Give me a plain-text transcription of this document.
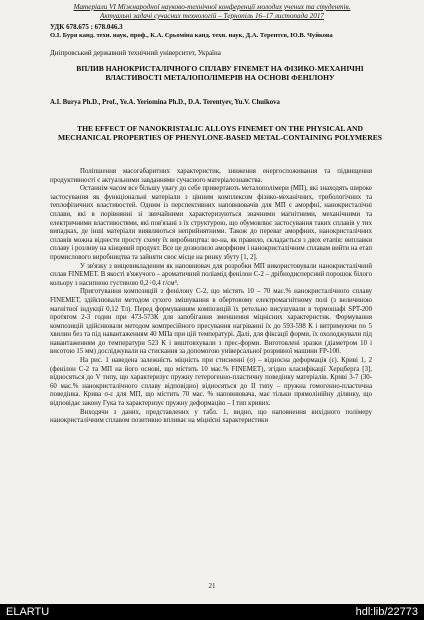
Матеріали VI Міжнародної науково-технічної конференції молодих учених та студентів.
Актуальні задачі сучасних технологій – Тернопіль 16–17 листопада 2017
УДК 678.675 : 678.046.3
О.І. Буря канд. техн. наук, проф., К.А. Єрьоміна канд. техн. наук, Д.А. Терентєв, Ю.В. Чуйкова
Дніпровський державний технічний університет, Україна
ВПЛИВ НАНОКРИСТАЛІЧНОГО СПЛАВУ FINEMET НА ФІЗИКО-МЕХАНІЧНІ ВЛАСТИВОСТІ МЕТАЛОПОЛІМЕРІВ НА ОСНОВІ ФЕНІЛОНУ
A.I. Burya Ph.D., Prof., Ye.A. Yeriomina Ph.D., D.A. Terentyev, Yu.V. Chuikova
THE EFFECT OF NANOKRISTALIC ALLOYS FINEMET ON THE PHYSICAL AND MECHANICAL PROPERTIES OF PHENYLONE-BASED METAL-CONTAINING POLYMERES

Поліпшення масогабаритних характеристик, зниження енергоспоживання та підвищення продуктивності є актуальними завданнями сучасного матеріалознавства.

Останнім часом все більшу увагу до себе привертають металополімери (МП), які знаходять широке застосування як функціональні матеріали з цінним комплексом фізико-механічних, трибологічних та теплофізичних властивостей. Одним із перспективних наповнювачів для МП є аморфні, нанокристалічні сплави, які в порівнянні зі звичайними характеризуються значними магнітними, механічними та електричними властивостями, які пов'язані з їх структурою, що обумовлює застосування таких сплавів у тих випадках, де інші матеріали виявляються неприйнятними. Також до переваг аморфних, нанокристалічних сплавів можна віднести просту схему їх виробництва: во-на, як правило, складається з двох етапів: виплавки сплаву і розливу на кінцевий продукт. Все це дозволило аморфним і нанокристалічним сплавам вийти на етап промислового виробництва та зайняти своє місце на ринку збуту [1, 2].

У зв'язку з вищевикладеним як наповнювач для розробки МП використовували нанокристалічний сплав FINEMET. В якості в'яжучого – ароматичний поліамід фенілон С-2 – дрібнодисперсний порошок білого кольору з насипною густиною 0,2÷0,4 г/см³.

Приготування композицій з фенілону С-2, що містять 10 – 70 мас.% нанокристалічного сплаву FINEMET, здійснювали методом сухого змішування в обертовому електромагнітному полі (з величиною магнітної індукції 0,12 Тл). Перед формуванням композицій їх ретельно висушували в термошафі SPT-200 протягом 2-3 годин при 473-573К для запобігання зменшення міцнісних характеристик. Формування композицій здійснювали методом компресійного пресування нагріванні їх до 593-598 К і витримуючи по 5 хвилин без та під навантаженням 40 МПа при цій температурі. Далі, для фіксації форми, їх охолоджували під навантаженням до температури 523 К і виштовхували з прес-форми. Виготовлені зразки (діаметром 10 і висотою 15 мм) досліджували на стискання за допомогою універсальної розривної машини FP-100.

На рис. 1 наведена залежність міцність при стисненні (σ) – відносна деформація (ε). Криві 1, 2 (фенілон С-2 та МП на його основі, що містить 10 мас.% FINEMET), згідно класифікації Херцберга [3], відносяться до V типу, що характеризує пружну гетерогенно-пластичну поведінку матеріалів. Криві 3-7 (30-60 мас.% нанокристалічного сплаву відповідно) відносяться до II типу – пружна гомогенно-пластична поведінка. Крива σ-ε для МП, що містить 70 мас. % наповнювача, має тільки прямолінійну ділянку, що відповідає закону Гука та характеризує пружну деформацію – I тип кривих.

Виходячи з даних, представлених у табл. 1, видно, що наповнення вихідного полімеру нанокристалічним сплавом позитивно впливає на міцнісні характеристики

21
ELARTU	hdl:lib/22773
